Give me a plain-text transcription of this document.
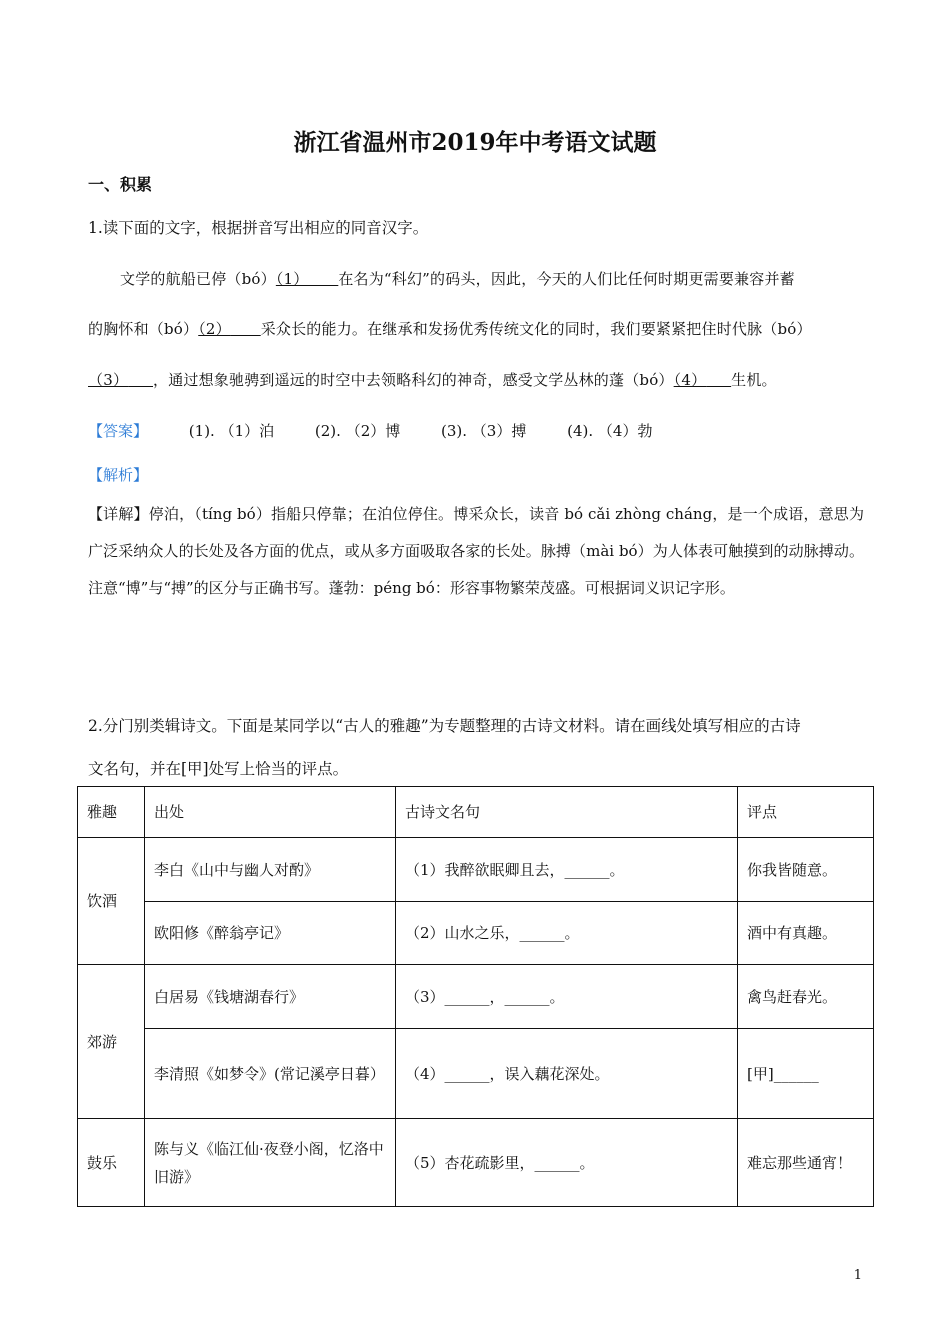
浙江省温州市2019年中考语文试题
一、积累
1.读下面的文字，根据拼音写出相应的同音汉字。
文学的航船已停（bó）（1） 在名为“科幻”的码头，因此，今天的人们比任何时期更需要兼容并蓄
的胸怀和（bó）（2） 采众长的能力。在继承和发扬优秀传统文化的同时，我们要紧紧把住时代脉（bó）
（3） ，通过想象驰骋到遥远的时空中去领略科幻的神奇，感受文学丛林的蓬（bó）（4） 生机。
【答案】	(1). （1）泊	(2). （2）博	(3). （3）搏	(4). （4）勃
【解析】
【详解】停泊，（tíng bó）指船只停靠；在泊位停住。博采众长，读音 bó cǎi zhòng cháng，是一个成语，意思为广泛采纳众人的长处及各方面的优点，或从多方面吸取各家的长处。脉搏（mài bó）为人体表可触摸到的动脉搏动。注意“博”与“搏”的区分与正确书写。蓬勃：péng bó：形容事物繁荣茂盛。可根据词义识记字形。
2.分门别类辑诗文。下面是某同学以“古人的雅趣”为专题整理的古诗文材料。请在画线处填写相应的古诗
文名句，并在[甲]处写上恰当的评点。
雅趣	出处	古诗文名句	评点
饮酒	李白《山中与幽人对酌》	（1）我醉欲眠卿且去，______。	你我皆随意。
	欧阳修《醉翁亭记》	（2）山水之乐，______。	酒中有真趣。
郊游	白居易《钱塘湖春行》	（3）______，______。	禽鸟赶春光。
	李清照《如梦令》(常记溪亭日暮）	（4）______，误入藕花深处。	[甲]______
鼓乐	陈与义《临江仙·夜登小阁，忆洛中旧游》	（5）杏花疏影里，______。	难忘那些通宵！
1
